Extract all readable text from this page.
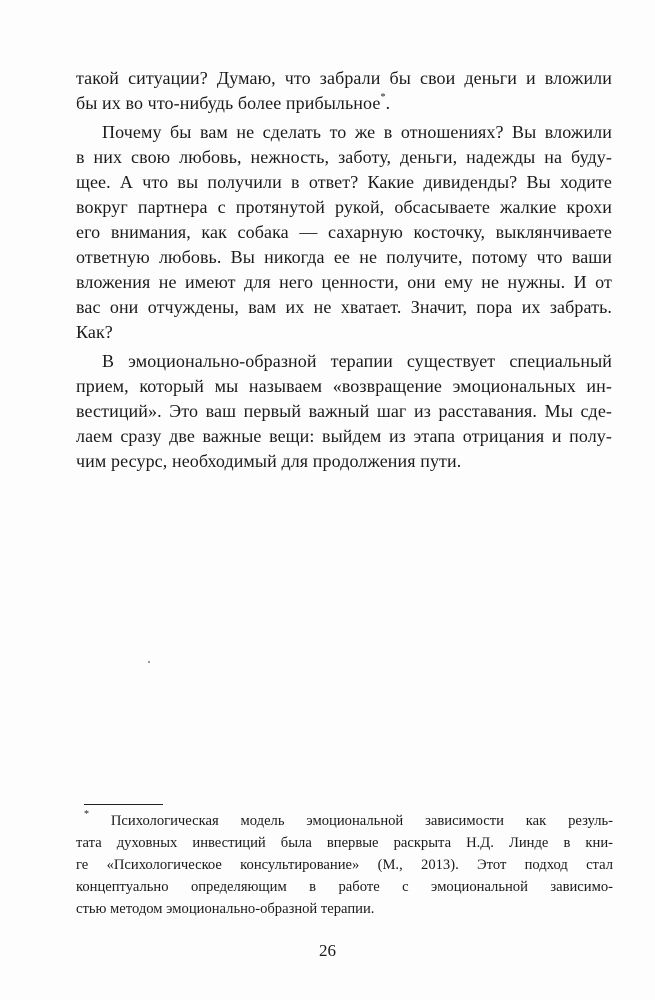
такой ситуации? Думаю, что забрали бы свои деньги и вложили
бы их во что-нибудь более прибыльное*.
Почему бы вам не сделать то же в отношениях? Вы вложили
в них свою любовь, нежность, заботу, деньги, надежды на буду-
щее. А что вы получили в ответ? Какие дивиденды? Вы ходите
вокруг партнера с протянутой рукой, обсасываете жалкие крохи
его внимания, как собака — сахарную косточку, выклянчиваете
ответную любовь. Вы никогда ее не получите, потому что ваши
вложения не имеют для него ценности, они ему не нужны. И от
вас они отчуждены, вам их не хватает. Значит, пора их забрать.
Как?
В эмоционально-образной терапии существует специальный
прием, который мы называем «возвращение эмоциональных ин-
вестиций». Это ваш первый важный шаг из расставания. Мы сде-
лаем сразу две важные вещи: выйдем из этапа отрицания и полу-
чим ресурс, необходимый для продолжения пути.
* Психологическая модель эмоциональной зависимости как резуль-
тата духовных инвестиций была впервые раскрыта Н.Д. Линде в кни-
ге «Психологическое консультирование» (М., 2013). Этот подход стал
концептуально определяющим в работе с эмоциональной зависимо-
стью методом эмоционально-образной терапии.
26
